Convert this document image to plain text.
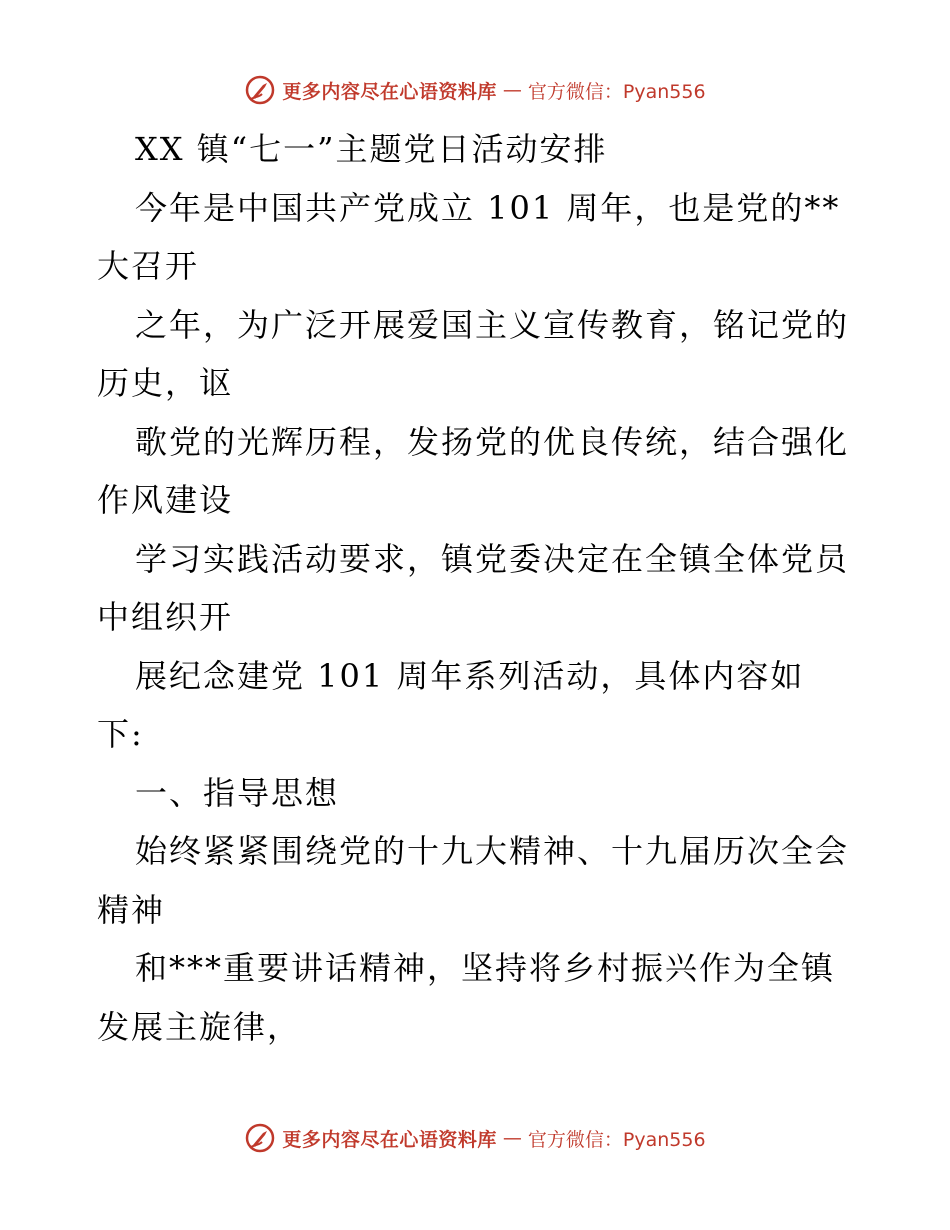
更多内容尽在心语资料库 — 官方微信：Pyan556
XX 镇“七一”主题党日活动安排
今年是中国共产党成立 101 周年，也是党的**
大召开
之年，为广泛开展爱国主义宣传教育，铭记党的
历史，讴
歌党的光辉历程，发扬党的优良传统，结合强化
作风建设
学习实践活动要求，镇党委决定在全镇全体党员
中组织开
展纪念建党 101 周年系列活动，具体内容如
下:
一、指导思想
始终紧紧围绕党的十九大精神、十九届历次全会
精神
和***重要讲话精神，坚持将乡村振兴作为全镇
发展主旋律，
更多内容尽在心语资料库 — 官方微信：Pyan556
